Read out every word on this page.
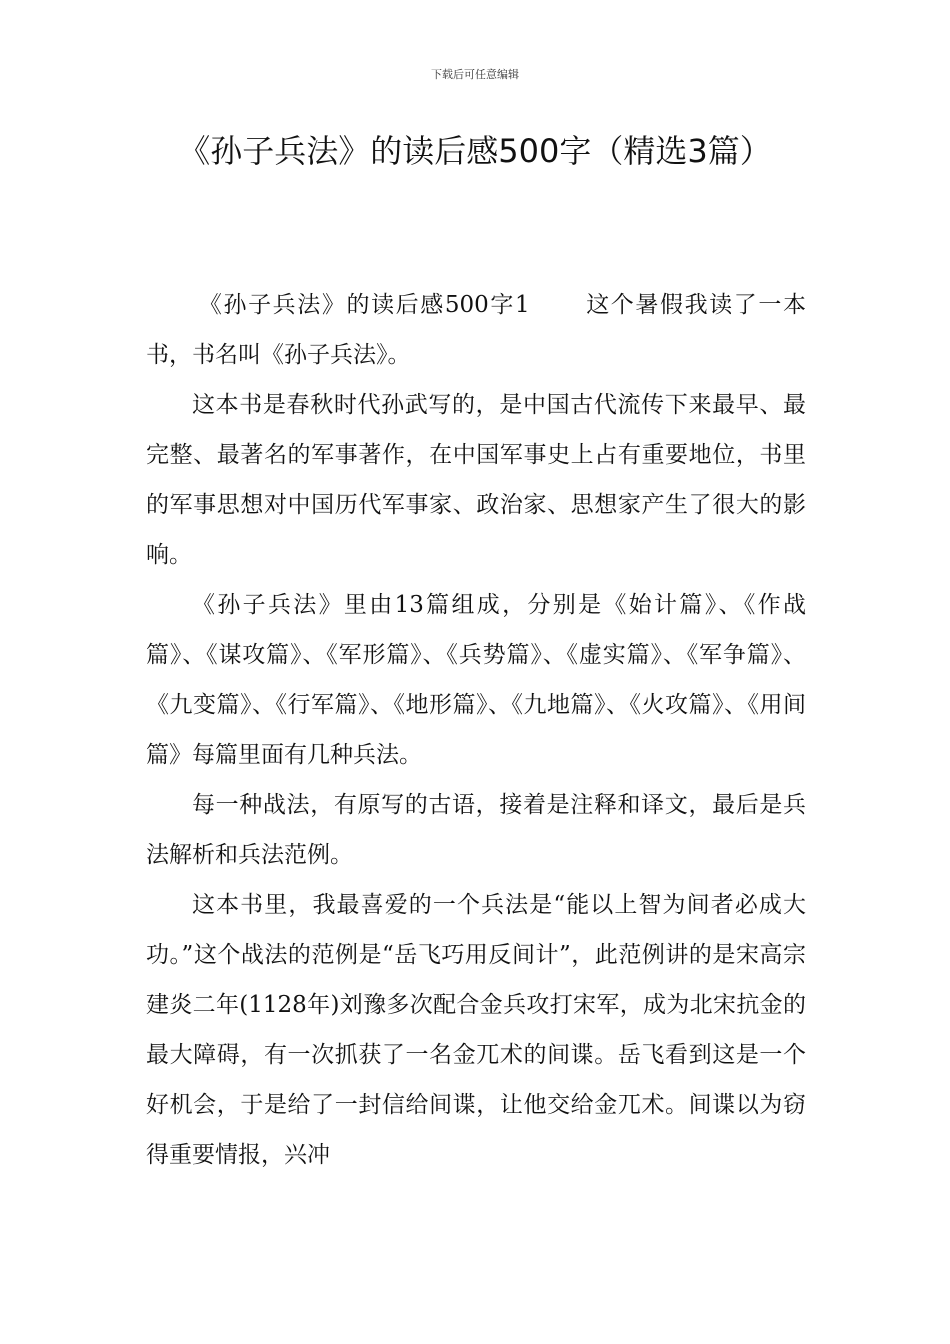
下载后可任意编辑
《孙子兵法》的读后感500字（精选3篇）

《孙子兵法》的读后感500字1 这个暑假我读了一本书，书名叫《孙子兵法》。

这本书是春秋时代孙武写的，是中国古代流传下来最早、最完整、最著名的军事著作，在中国军事史上占有重要地位，书里的军事思想对中国历代军事家、政治家、思想家产生了很大的影响。

《孙子兵法》里由13篇组成，分别是《始计篇》、《作战篇》、《谋攻篇》、《军形篇》、《兵势篇》、《虚实篇》、《军争篇》、《九变篇》、《行军篇》、《地形篇》、《九地篇》、《火攻篇》、《用间篇》每篇里面有几种兵法。

每一种战法，有原写的古语，接着是注释和译文，最后是兵法解析和兵法范例。

这本书里，我最喜爱的一个兵法是“能以上智为间者必成大功。”这个战法的范例是“岳飞巧用反间计”，此范例讲的是宋高宗建炎二年(1128年)刘豫多次配合金兵攻打宋军，成为北宋抗金的最大障碍，有一次抓获了一名金兀术的间谍。岳飞看到这是一个好机会，于是给了一封信给间谍，让他交给金兀术。间谍以为窃得重要情报，兴冲
